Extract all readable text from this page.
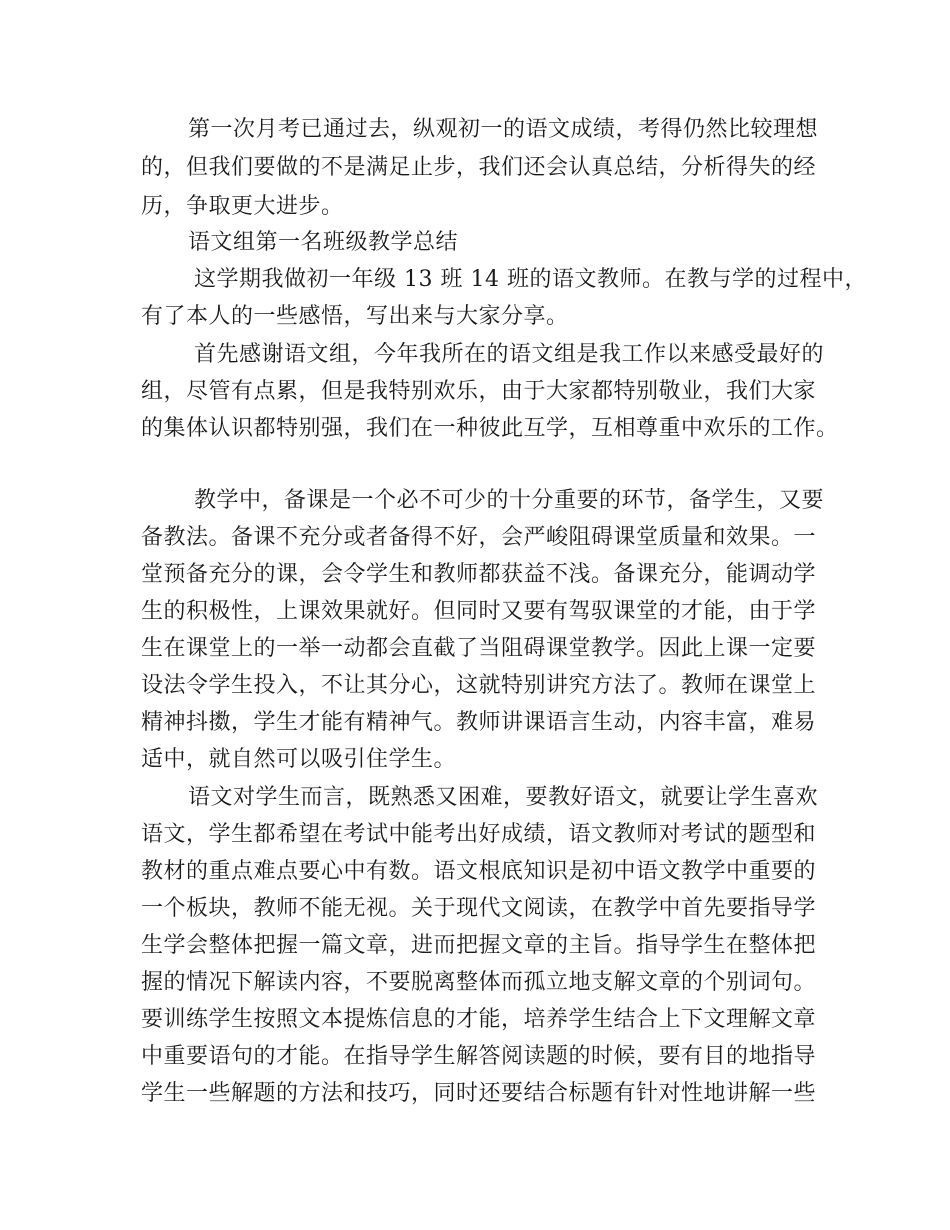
第一次月考已通过去，纵观初一的语文成绩，考得仍然比较理想
的，但我们要做的不是满足止步，我们还会认真总结，分析得失的经
历，争取更大进步。
语文组第一名班级教学总结
这学期我做初一年级 13 班 14 班的语文教师。在教与学的过程中，
有了本人的一些感悟，写出来与大家分享。
首先感谢语文组，今年我所在的语文组是我工作以来感受最好的
组，尽管有点累，但是我特别欢乐，由于大家都特别敬业，我们大家
的集体认识都特别强，我们在一种彼此互学，互相尊重中欢乐的工作。
教学中，备课是一个必不可少的十分重要的环节，备学生，又要
备教法。备课不充分或者备得不好，会严峻阻碍课堂质量和效果。一
堂预备充分的课，会令学生和教师都获益不浅。备课充分，能调动学
生的积极性，上课效果就好。但同时又要有驾驭课堂的才能，由于学
生在课堂上的一举一动都会直截了当阻碍课堂教学。因此上课一定要
设法令学生投入，不让其分心，这就特别讲究方法了。教师在课堂上
精神抖擞，学生才能有精神气。教师讲课语言生动，内容丰富，难易
适中，就自然可以吸引住学生。
语文对学生而言，既熟悉又困难，要教好语文，就要让学生喜欢
语文，学生都希望在考试中能考出好成绩，语文教师对考试的题型和
教材的重点难点要心中有数。语文根底知识是初中语文教学中重要的
一个板块，教师不能无视。关于现代文阅读，在教学中首先要指导学
生学会整体把握一篇文章，进而把握文章的主旨。指导学生在整体把
握的情况下解读内容，不要脱离整体而孤立地支解文章的个别词句。
要训练学生按照文本提炼信息的才能，培养学生结合上下文理解文章
中重要语句的才能。在指导学生解答阅读题的时候，要有目的地指导
学生一些解题的方法和技巧，同时还要结合标题有针对性地讲解一些
